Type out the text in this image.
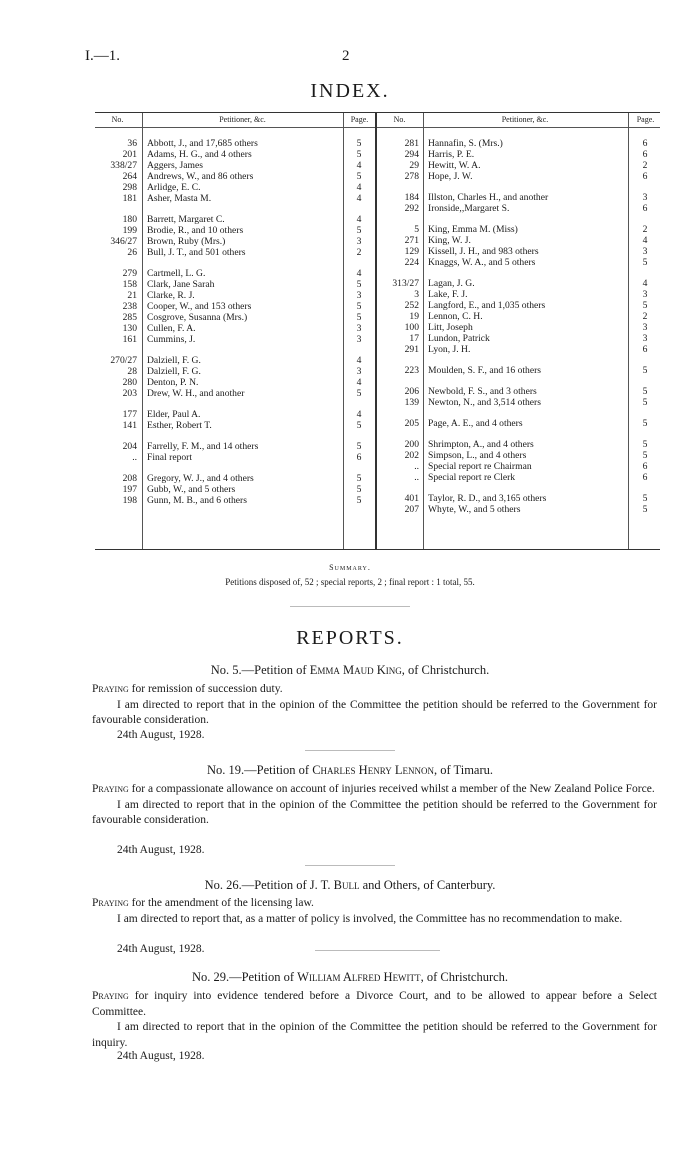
I.—1.	2
INDEX.
No.	Petitioner, &c.	Page.	No.	Petitioner, &c.	Page.
36 Abbott, J., and 17,685 others	5
201 Adams, H. G., and 4 others	5
338/27 Aggers, James	4
264 Andrews, W., and 86 others	5
298 Arlidge, E. C.	4
181 Asher, Masta M.	4
180 Barrett, Margaret C.	4
199 Brodie, R., and 10 others	5
346/27 Brown, Ruby (Mrs.)	3
26 Bull, J. T., and 501 others	2
279 Cartmell, L. G.	4
158 Clark, Jane Sarah	5
21 Clarke, R. J.	3
238 Cooper, W., and 153 others	5
285 Cosgrove, Susanna (Mrs.)	5
130 Cullen, F. A.	3
161 Cummins, J.	3
270/27 Dalziell, F. G.	4
28 Dalziell, F. G.	3
280 Denton, P. N.	4
203 Drew, W. H., and another	5
177 Elder, Paul A.	4
141 Esther, Robert T.	5
204 Farrelly, F. M., and 14 others	5
.. Final report	6
208 Gregory, W. J., and 4 others	5
197 Gubb, W., and 5 others	5
198 Gunn, M. B., and 6 others	5
281 Hannafin, S. (Mrs.)	6
294 Harris, P. E.	6
29 Hewitt, W. A.	2
278 Hope, J. W.	6
184 Illston, Charles H., and another	3
292 Ironside,,Margaret S.	6
5 King, Emma M. (Miss)	2
271 King, W. J.	4
129 Kissell, J. H., and 983 others	3
224 Knaggs, W. A., and 5 others	5
313/27 Lagan, J. G.	4
3 Lake, F. J.	3
252 Langford, E., and 1,035 others	5
19 Lennon, C. H.	2
100 Litt, Joseph	3
17 Lundon, Patrick	3
291 Lyon, J. H.	6
223 Moulden, S. F., and 16 others	5
206 Newbold, F. S., and 3 others	5
139 Newton, N., and 3,514 others	5
205 Page, A. E., and 4 others	5
200 Shrimpton, A., and 4 others	5
202 Simpson, L., and 4 others	5
.. Special report re Chairman	6
.. Special report re Clerk	6
401 Taylor, R. D., and 3,165 others	5
207 Whyte, W., and 5 others	5
Summary.
Petitions disposed of, 52 ; special reports, 2 ; final report : 1 total, 55.
REPORTS.
No. 5.—Petition of Emma Maud King, of Christchurch.

Praying for remission of succession duty.

I am directed to report that in the opinion of the Committee the petition should be referred to the Government for favourable consideration.

24th August, 1928.
No. 19.—Petition of Charles Henry Lennon, of Timaru.

Praying for a compassionate allowance on account of injuries received whilst a member of the New Zealand Police Force.

I am directed to report that in the opinion of the Committee the petition should be referred to the Government for favourable consideration.

24th August, 1928.
No. 26.—Petition of J. T. Bull and Others, of Canterbury.

Praying for the amendment of the licensing law.

I am directed to report that, as a matter of policy is involved, the Committee has no recommendation to make.

24th August, 1928.
No. 29.—Petition of William Alfred Hewitt, of Christchurch.

Praying for inquiry into evidence tendered before a Divorce Court, and to be allowed to appear before a Select Committee.

I am directed to report that in the opinion of the Committee the petition should be referred to the Government for inquiry.

24th August, 1928.
